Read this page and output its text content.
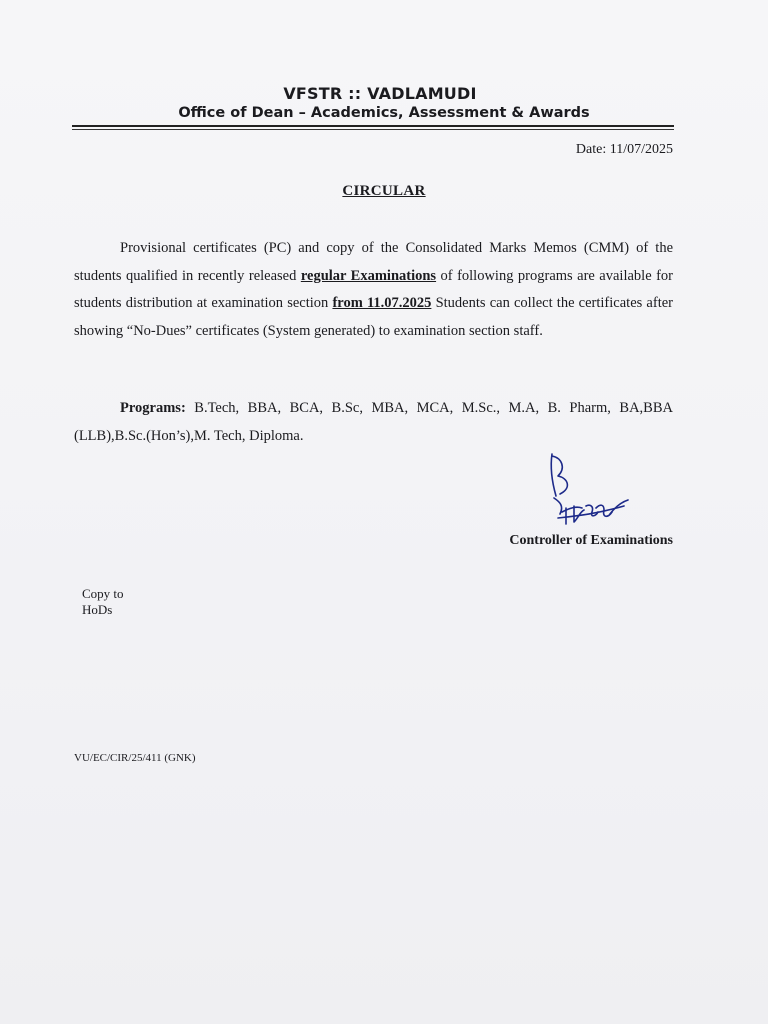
VFSTR :: VADLAMUDI
Office of Dean – Academics, Assessment & Awards
Date: 11/07/2025
CIRCULAR
Provisional certificates (PC) and copy of the Consolidated Marks Memos (CMM) of the students qualified in recently released regular Examinations of following programs are available for students distribution at examination section from 11.07.2025 Students can collect the certificates after showing “No-Dues” certificates (System generated) to examination section staff.
Programs: B.Tech, BBA, BCA, B.Sc, MBA, MCA, M.Sc., M.A, B. Pharm, BA,BBA (LLB),B.Sc.(Hon’s),M. Tech, Diploma.
Controller of Examinations
Copy to
HoDs
VU/EC/CIR/25/411 (GNK)
